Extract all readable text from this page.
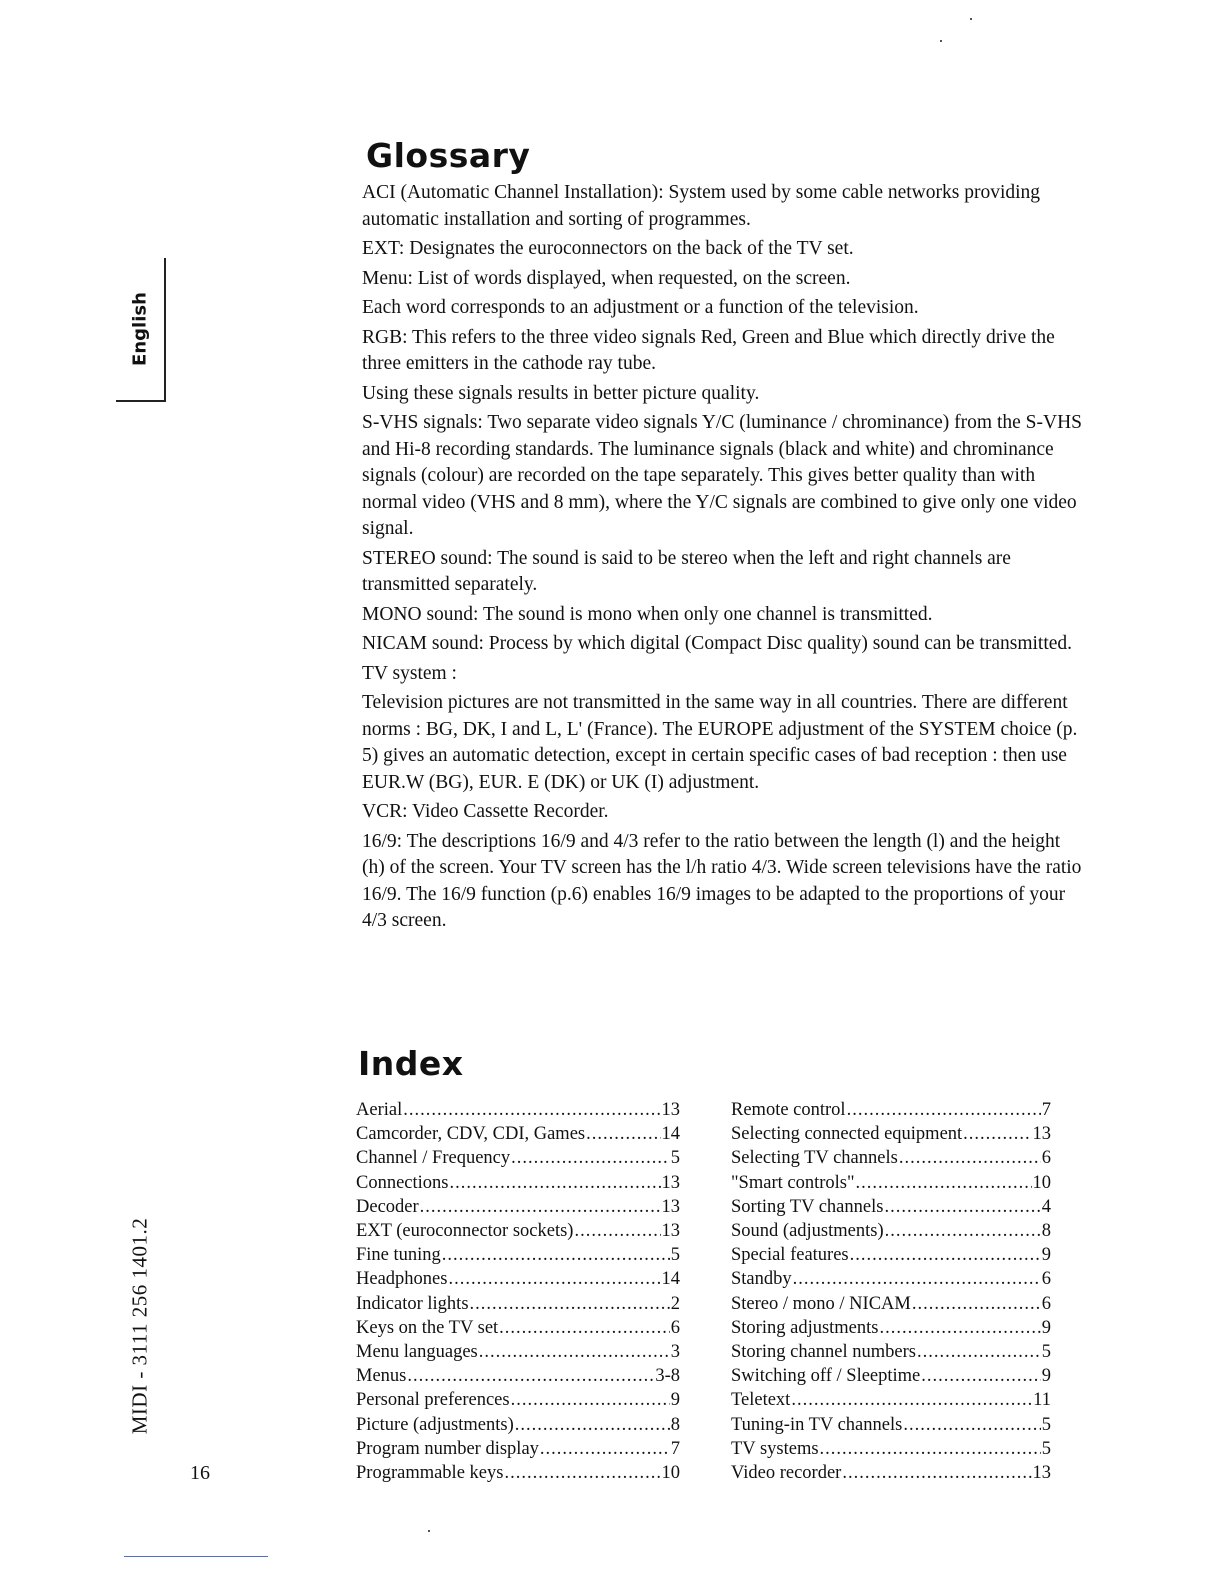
English
MIDI - 3111 256 1401.2
16
Glossary

ACI (Automatic Channel Installation): System used by some cable networks providing automatic installation and sorting of programmes.

EXT: Designates the euroconnectors on the back of the TV set.

Menu: List of words displayed, when requested, on the screen.

Each word corresponds to an adjustment or a function of the television.

RGB: This refers to the three video signals Red, Green and Blue which directly drive the three emitters in the cathode ray tube.

Using these signals results in better picture quality.

S-VHS signals: Two separate video signals Y/C (luminance / chrominance) from the S-VHS and Hi-8 recording standards. The luminance signals (black and white) and chrominance signals (colour) are recorded on the tape separately. This gives better quality than with normal video (VHS and 8 mm), where the Y/C signals are combined to give only one video signal.

STEREO sound: The sound is said to be stereo when the left and right channels are transmitted separately.

MONO sound: The sound is mono when only one channel is transmitted.

NICAM sound: Process by which digital (Compact Disc quality) sound can be transmitted.

TV system :

Television pictures are not transmitted in the same way in all countries. There are different norms : BG, DK, I and L, L' (France). The EUROPE adjustment of the SYSTEM choice (p. 5) gives an automatic detection, except in certain specific cases of bad reception : then use EUR.W (BG), EUR. E (DK) or UK (I) adjustment.

VCR: Video Cassette Recorder.

16/9: The descriptions 16/9 and 4/3 refer to the ratio between the length (l) and the height (h) of the screen. Your TV screen has the l/h ratio 4/3. Wide screen televisions have the ratio 16/9. The 16/9 function (p.6) enables 16/9 images to be adapted to the proportions of your 4/3 screen.

Index
Aerial .....	13
Camcorder, CDV, CDI, Games .....	14
Channel / Frequency .....	5
Connections .....	13
Decoder .....	13
EXT (euroconnector sockets) .....	13
Fine tuning .....	5
Headphones .....	14
Indicator lights .....	2
Keys on the TV set .....	6
Menu languages .....	3
Menus .....	3-8
Personal preferences .....	9
Picture (adjustments) .....	8
Program number display .....	7
Programmable keys .....	10
Remote control .....	7
Selecting connected equipment .....	13
Selecting TV channels .....	6
"Smart controls" .....	10
Sorting TV channels .....	4
Sound (adjustments) .....	8
Special features .....	9
Standby .....	6
Stereo / mono / NICAM .....	6
Storing adjustments .....	9
Storing channel numbers .....	5
Switching off / Sleeptime .....	9
Teletext .....	11
Tuning-in TV channels .....	5
TV systems .....	5
Video recorder .....	13
